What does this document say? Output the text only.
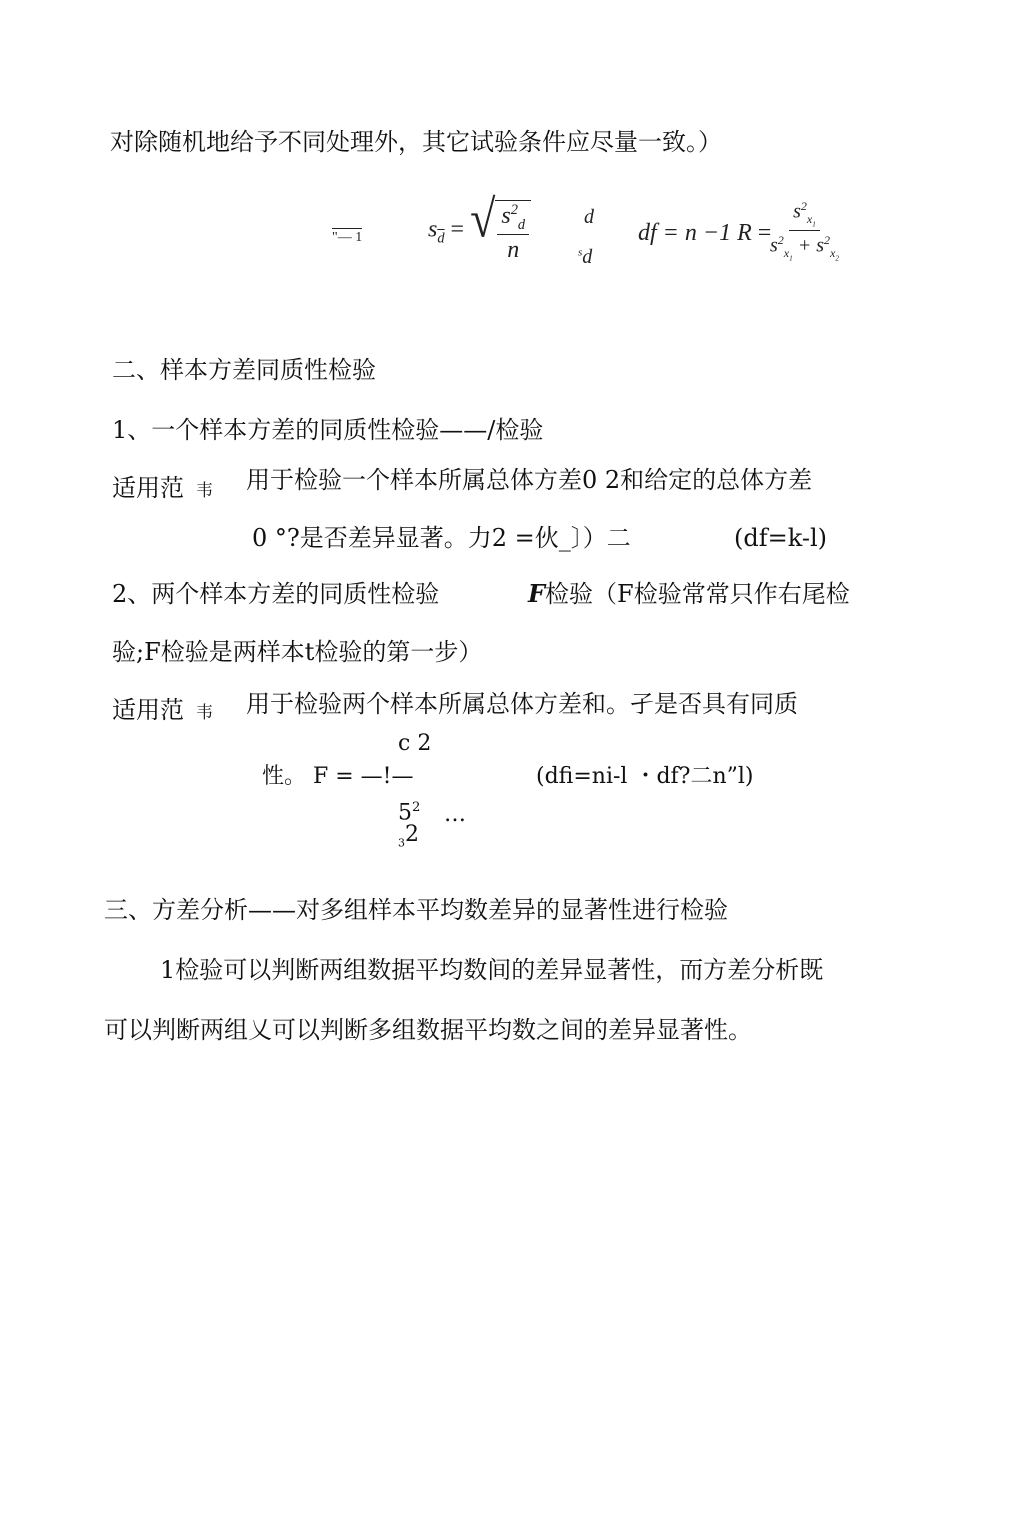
对除随机地给予不同处理外，其它试验条件应尽量一致。）
"— 1	$s_{\overline{d}}$ = √ $\frac{s^2_d}{n}$	d
$^s$d
df = n −1 R =
$\frac{s^2_{x_1}}{s^2_{x_1} + s^2_{x_2}}$
二、样本方差同质性检验
1、一个样本方差的同质性检验——/检验
适用范 韦 用于检验一个样本所属总体方差0 2和给定的总体方差
0 °?是否差异显著。力2 =伙_〕）二	(df=k-l)
2、两个样本方差的同质性检验	F检验（F检验常常只作右尾检
验;F检验是两样本t检验的第一步）
适用范 韦 用于检验两个样本所属总体方差和。孑是否具有同质
c 2
性。 F = —!—	(dfi=ni-l ・df?二n”l)
$5^2$
$_3$2
…
三、方差分析——对多组样本平均数差异的显著性进行检验
1检验可以判断两组数据平均数间的差异显著性，而方差分析既
可以判断两组乂可以判断多组数据平均数之间的差异显著性。
